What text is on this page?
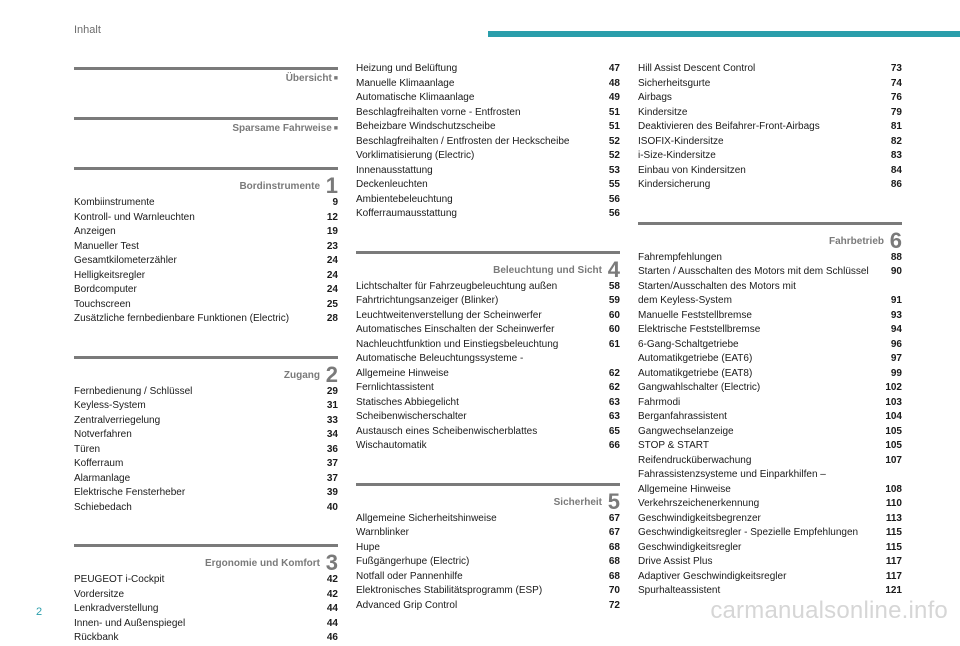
Inhalt
Übersicht ■
Sparsame Fahrweise ■
Bordinstrumente 1
Kombiinstrumente	9
Kontroll- und Warnleuchten	12
Anzeigen	19
Manueller Test	23
Gesamtkilometerzähler	24
Helligkeitsregler	24
Bordcomputer	24
Touchscreen	25
Zusätzliche fernbedienbare Funktionen (Electric)	28
Zugang 2
Fernbedienung / Schlüssel	29
Keyless-System	31
Zentralverriegelung	33
Notverfahren	34
Türen	36
Kofferraum	37
Alarmanlage	37
Elektrische Fensterheber	39
Schiebedach	40
Ergonomie und Komfort 3
PEUGEOT i-Cockpit	42
Vordersitze	42
Lenkradverstellung	44
Innen- und Außenspiegel	44
Rückbank	46
Heizung und Belüftung	47
Manuelle Klimaanlage	48
Automatische Klimaanlage	49
Beschlagfreihalten vorne - Entfrosten	51
Beheizbare Windschutzscheibe	51
Beschlagfreihalten / Entfrosten der Heckscheibe	52
Vorklimatisierung (Electric)	52
Innenausstattung	53
Deckenleuchten	55
Ambientebeleuchtung	56
Kofferraumausstattung	56
Beleuchtung und Sicht 4
Lichtschalter für Fahrzeugbeleuchtung außen	58
Fahrtrichtungsanzeiger (Blinker)	59
Leuchtweitenverstellung der Scheinwerfer	60
Automatisches Einschalten der Scheinwerfer	60
Nachleuchtfunktion und Einstiegsbeleuchtung	61
Automatische Beleuchtungssysteme -
Allgemeine Hinweise	62
Fernlichtassistent	62
Statisches Abbiegelicht	63
Scheibenwischerschalter	63
Austausch eines Scheibenwischerblattes	65
Wischautomatik	66
Sicherheit 5
Allgemeine Sicherheitshinweise	67
Warnblinker	67
Hupe	68
Fußgängerhupe (Electric)	68
Notfall oder Pannenhilfe	68
Elektronisches Stabilitätsprogramm (ESP)	70
Advanced Grip Control	72
Hill Assist Descent Control	73
Sicherheitsgurte	74
Airbags	76
Kindersitze	79
Deaktivieren des Beifahrer-Front-Airbags	81
ISOFIX-Kindersitze	82
i-Size-Kindersitze	83
Einbau von Kindersitzen	84
Kindersicherung	86
Fahrbetrieb 6
Fahrempfehlungen	88
Starten / Ausschalten des Motors mit dem Schlüssel	90
Starten/Ausschalten des Motors mit
dem Keyless-System	91
Manuelle Feststellbremse	93
Elektrische Feststellbremse	94
6-Gang-Schaltgetriebe	96
Automatikgetriebe (EAT6)	97
Automatikgetriebe (EAT8)	99
Gangwahlschalter (Electric)	102
Fahrmodi	103
Berganfahrassistent	104
Gangwechselanzeige	105
STOP & START	105
Reifendrucküberwachung	107
Fahrassistenzsysteme und Einparkhilfen –
Allgemeine Hinweise	108
Verkehrszeichenerkennung	110
Geschwindigkeitsbegrenzer	113
Geschwindigkeitsregler - Spezielle Empfehlungen	115
Geschwindigkeitsregler	115
Drive Assist Plus	117
Adaptiver Geschwindigkeitsregler	117
Spurhalteassistent	121
2	carmanualsonline.info
